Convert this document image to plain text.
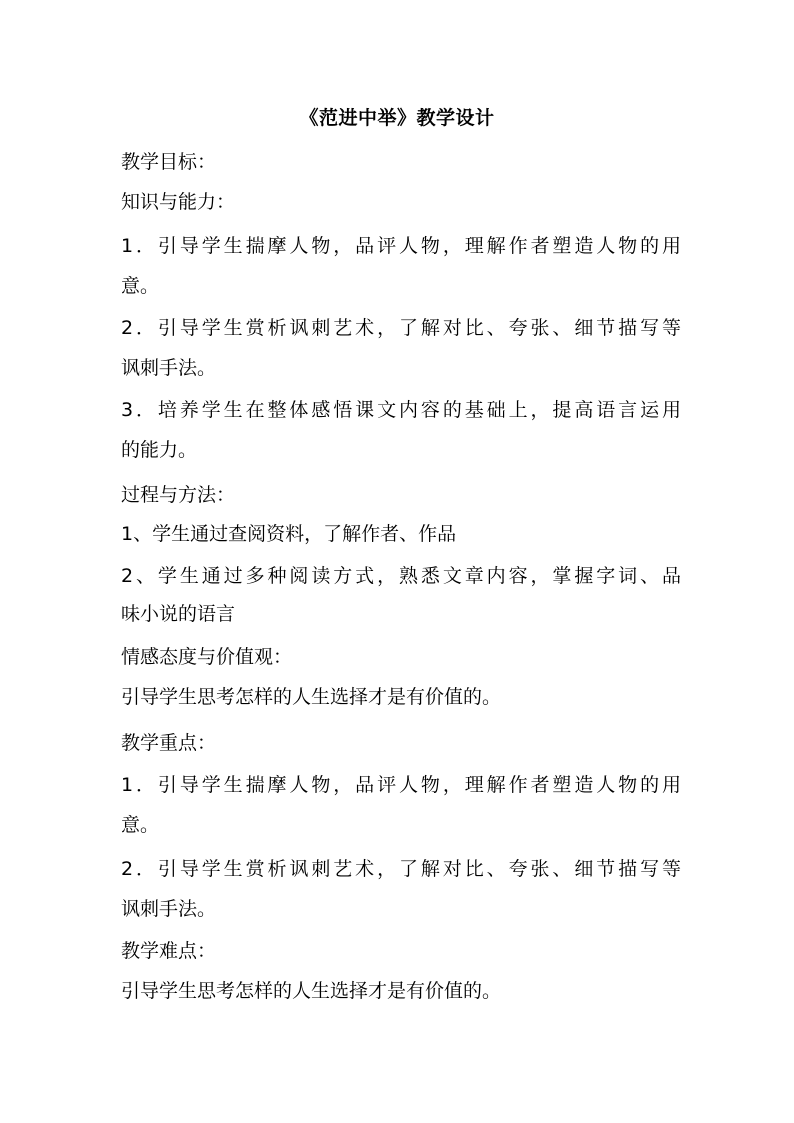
《范进中举》教学设计
教学目标：
知识与能力：
1．引导学生揣摩人物，品评人物，理解作者塑造人物的用
意。
2．引导学生赏析讽刺艺术，了解对比、夸张、细节描写等
讽刺手法。
3．培养学生在整体感悟课文内容的基础上，提高语言运用
的能力。
过程与方法：
1、学生通过查阅资料，了解作者、作品
2、学生通过多种阅读方式，熟悉文章内容，掌握字词、品
味小说的语言
情感态度与价值观：
引导学生思考怎样的人生选择才是有价值的。
教学重点：
1．引导学生揣摩人物，品评人物，理解作者塑造人物的用
意。
2．引导学生赏析讽刺艺术，了解对比、夸张、细节描写等
讽刺手法。
教学难点：
引导学生思考怎样的人生选择才是有价值的。
